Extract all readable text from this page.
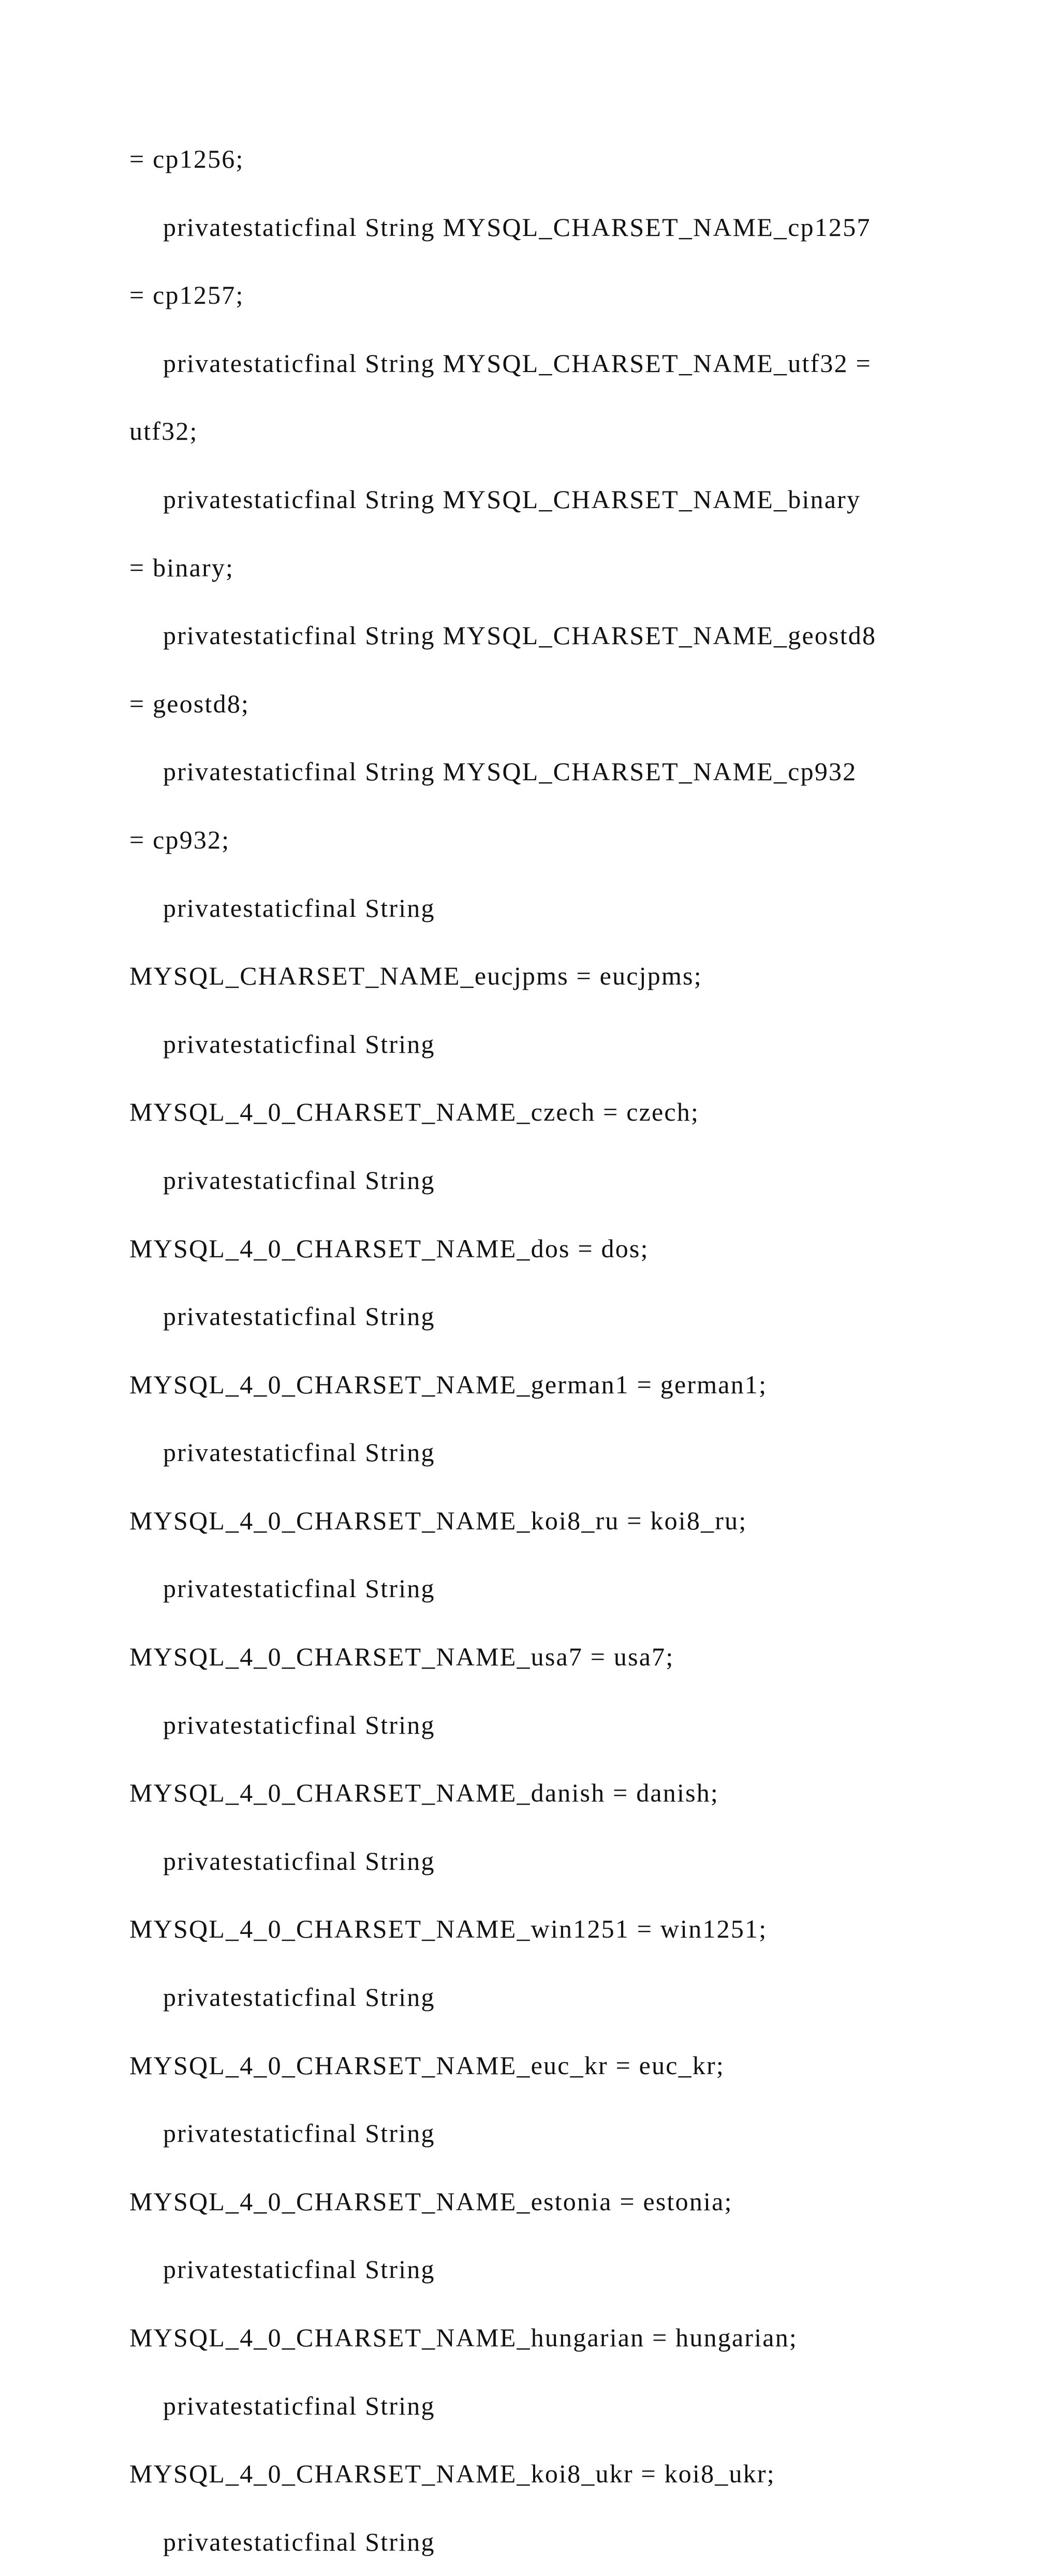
= cp1256;
privatestaticfinal String MYSQL_CHARSET_NAME_cp1257
= cp1257;
privatestaticfinal String MYSQL_CHARSET_NAME_utf32 =
utf32;
privatestaticfinal String MYSQL_CHARSET_NAME_binary
= binary;
privatestaticfinal String MYSQL_CHARSET_NAME_geostd8
= geostd8;
privatestaticfinal String MYSQL_CHARSET_NAME_cp932
= cp932;
privatestaticfinal String
MYSQL_CHARSET_NAME_eucjpms = eucjpms;
privatestaticfinal String
MYSQL_4_0_CHARSET_NAME_czech = czech;
privatestaticfinal String
MYSQL_4_0_CHARSET_NAME_dos = dos;
privatestaticfinal String
MYSQL_4_0_CHARSET_NAME_german1 = german1;
privatestaticfinal String
MYSQL_4_0_CHARSET_NAME_koi8_ru = koi8_ru;
privatestaticfinal String
MYSQL_4_0_CHARSET_NAME_usa7 = usa7;
privatestaticfinal String
MYSQL_4_0_CHARSET_NAME_danish = danish;
privatestaticfinal String
MYSQL_4_0_CHARSET_NAME_win1251 = win1251;
privatestaticfinal String
MYSQL_4_0_CHARSET_NAME_euc_kr = euc_kr;
privatestaticfinal String
MYSQL_4_0_CHARSET_NAME_estonia = estonia;
privatestaticfinal String
MYSQL_4_0_CHARSET_NAME_hungarian = hungarian;
privatestaticfinal String
MYSQL_4_0_CHARSET_NAME_koi8_ukr = koi8_ukr;
privatestaticfinal String
